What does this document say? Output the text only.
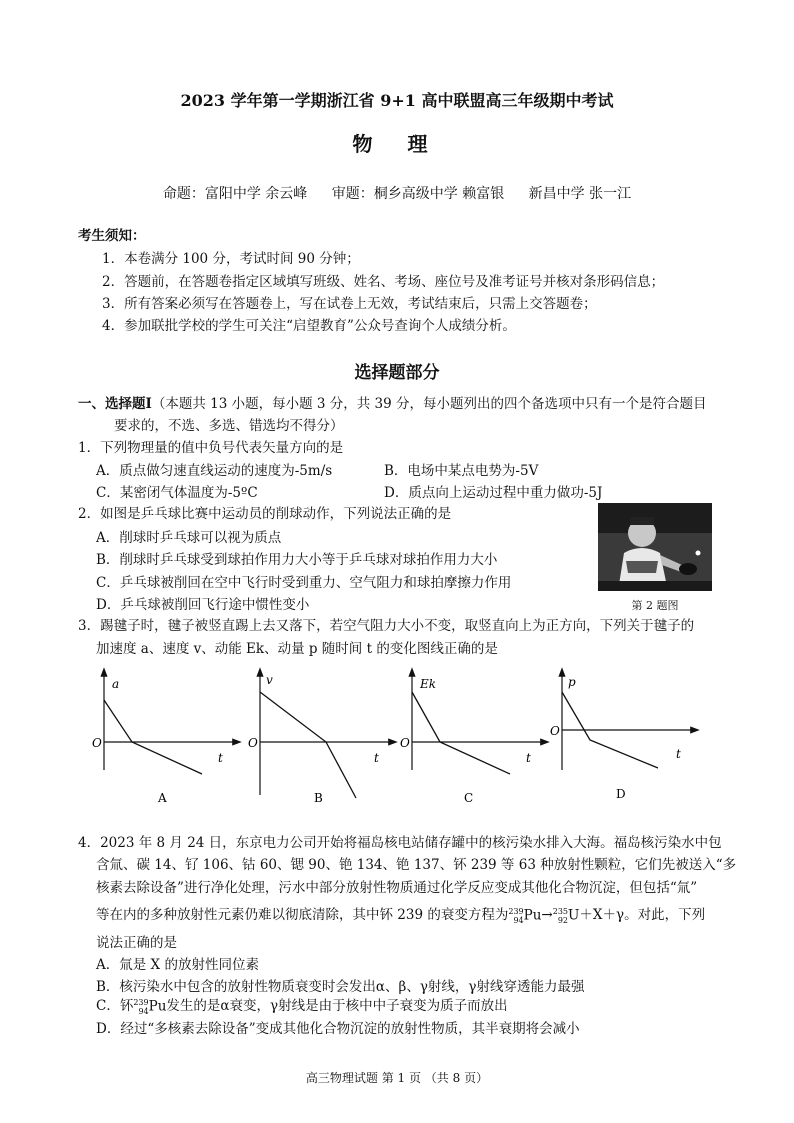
2023 学年第一学期浙江省 9+1 高中联盟高三年级期中考试
物 理
命题：富阳中学 余云峰 审题：桐乡高级中学 赖富银 新昌中学 张一江
考生须知：
1．本卷满分 100 分，考试时间 90 分钟；
2．答题前，在答题卷指定区域填写班级、姓名、考场、座位号及准考证号并核对条形码信息；
3．所有答案必须写在答题卷上，写在试卷上无效，考试结束后，只需上交答题卷；
4．参加联批学校的学生可关注“启望教育”公众号查询个人成绩分析。
选择题部分
一、选择题Ⅰ（本题共 13 小题，每小题 3 分，共 39 分，每小题列出的四个备选项中只有一个是符合题目
要求的，不选、多选、错选均不得分）
1．下列物理量的值中负号代表矢量方向的是
A．质点做匀速直线运动的速度为-5m/s	B．电场中某点电势为-5V
C．某密闭气体温度为-5ºC	D．质点向上运动过程中重力做功-5J
2．如图是乒乓球比赛中运动员的削球动作，下列说法正确的是
A．削球时乒乓球可以视为质点
B．削球时乒乓球受到球拍作用力大小等于乒乓球对球拍作用力大小
C．乒乓球被削回在空中飞行时受到重力、空气阻力和球拍摩擦力作用
D．乒乓球被削回飞行途中惯性变小	第 2 题图
3．踢毽子时，毽子被竖直踢上去又落下，若空气阻力大小不变，取竖直向上为正方向，下列关于毽子的
加速度 a、速度 v、动能 Ek、动量 p 随时间 t 的变化图线正确的是
a
O
t
A
v
O
t
B
Ek
O
t
C
p
O
t
D
4．2023 年 8 月 24 日，东京电力公司开始将福岛核电站储存罐中的核污染水排入大海。福岛核污染水中包
含氚、碳 14、钌 106、钴 60、锶 90、铯 134、铯 137、钚 239 等 63 种放射性颗粒，它们先被送入“多
核素去除设备”进行净化处理，污水中部分放射性物质通过化学反应变成其他化合物沉淀，但包括“氚”
等在内的多种放射性元素仍难以彻底清除，其中钚 239 的衰变方程为 239
94 Pu→ 235
92 U＋X＋γ。对此，下列
说法正确的是
A．氚是 X 的放射性同位素
B．核污染水中包含的放射性物质衰变时会发出α、β、γ射线，γ射线穿透能力最强
C．钚 239
94 Pu发生的是α衰变，γ射线是由于核中中子衰变为质子而放出
D．经过“多核素去除设备”变成其他化合物沉淀的放射性物质，其半衰期将会减小
高三物理试题 第 1 页 （共 8 页）
